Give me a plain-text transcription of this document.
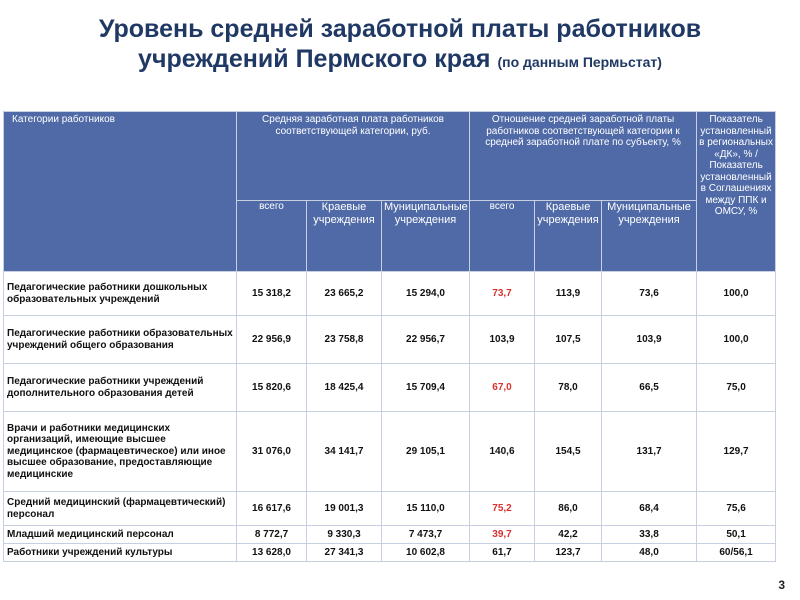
Уровень средней заработной платы работников
учреждений Пермского края (по данным Пермьстат)
Категории работников	Средняя заработная плата работников соответствующей категории, руб.			Отношение средней заработной платы работников соответствующей категории к средней заработной плате по субъекту, %			Показатель установленный в региональных «ДК», % / Показатель установленный в Соглашениях между ППК и ОМСУ, %
	всего	Краевые учреждения	Муниципальные учреждения	всего	Краевые учреждения	Муниципальные учреждения	
Педагогические работники дошкольных образовательных учреждений	15 318,2	23 665,2	15 294,0	73,7	113,9	73,6	100,0
Педагогические работники образовательных учреждений общего образования	22 956,9	23 758,8	22 956,7	103,9	107,5	103,9	100,0
Педагогические работники учреждений дополнительного образования детей	15 820,6	18 425,4	15 709,4	67,0	78,0	66,5	75,0
Врачи и работники медицинских организаций, имеющие высшее медицинское (фармацевтическое) или иное высшее образование, предоставляющие медицинские	31 076,0	34 141,7	29 105,1	140,6	154,5	131,7	129,7
Средний медицинский (фармацевтический) персонал	16 617,6	19 001,3	15 110,0	75,2	86,0	68,4	75,6
Младший медицинский персонал	8 772,7	9 330,3	7 473,7	39,7	42,2	33,8	50,1
Работники учреждений культуры	13 628,0	27 341,3	10 602,8	61,7	123,7	48,0	60/56,1
3
